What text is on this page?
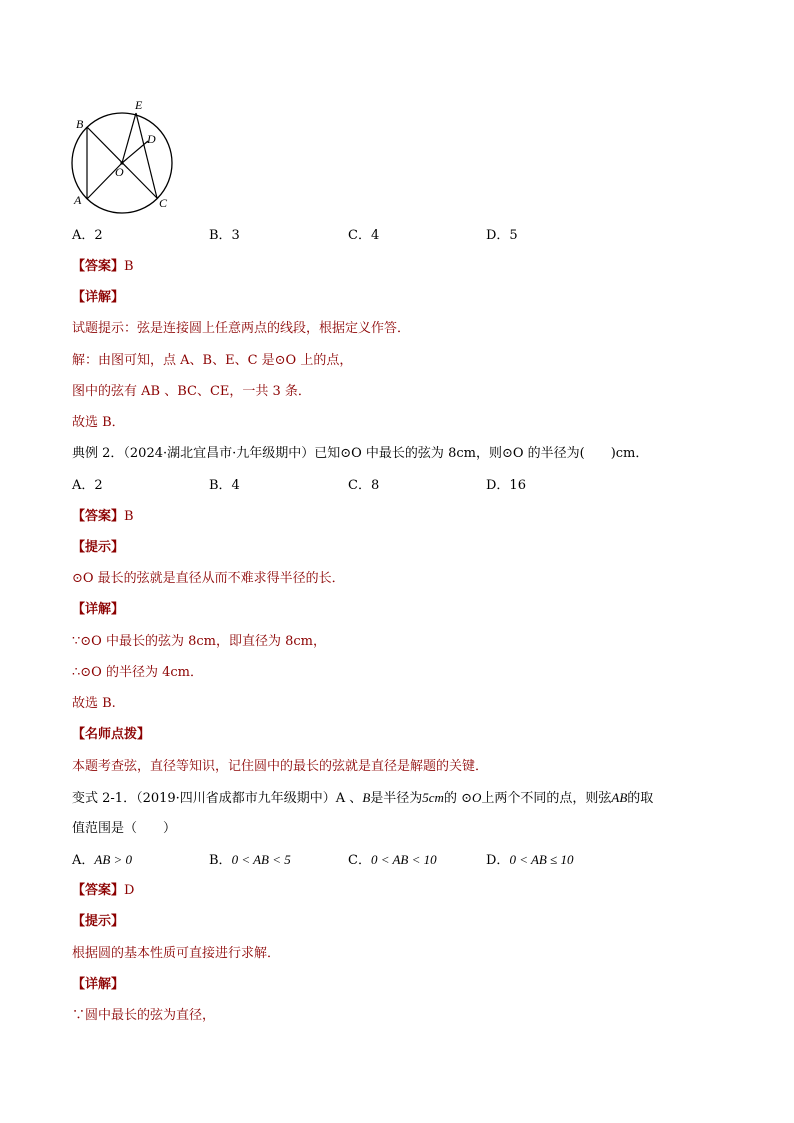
B
E
D
O
A	C
A．2	B．3	C．4	D．5
【答案】B
【详解】
试题提示：弦是连接圆上任意两点的线段，根据定义作答．
解：由图可知，点 A、B、E、C 是⊙O 上的点，
图中的弦有 AB 、BC、CE，一共 3 条．
故选 B．
典例 2．（2024·湖北宜昌市·九年级期中）已知⊙O 中最长的弦为 8cm，则⊙O 的半径为(　　)cm．
A．2	B．4	C．8	D．16
【答案】B
【提示】
⊙O 最长的弦就是直径从而不难求得半径的长．
【详解】
∵⊙O 中最长的弦为 8cm，即直径为 8cm，
∴⊙O 的半径为 4cm．
故选 B.
【名师点拨】
本题考查弦，直径等知识，记住圆中的最长的弦就是直径是解题的关键．
变式 2-1．（2019·四川省成都市九年级期中）A 、B是半径为5cm的 ⊙O上两个不同的点，则弦AB的取
值范围是（　　）
A．AB > 0	B．0 < AB < 5	C．0 < AB < 10	D．0 < AB ≤ 10
【答案】D
【提示】
根据圆的基本性质可直接进行求解．
【详解】
∵圆中最长的弦为直径，
